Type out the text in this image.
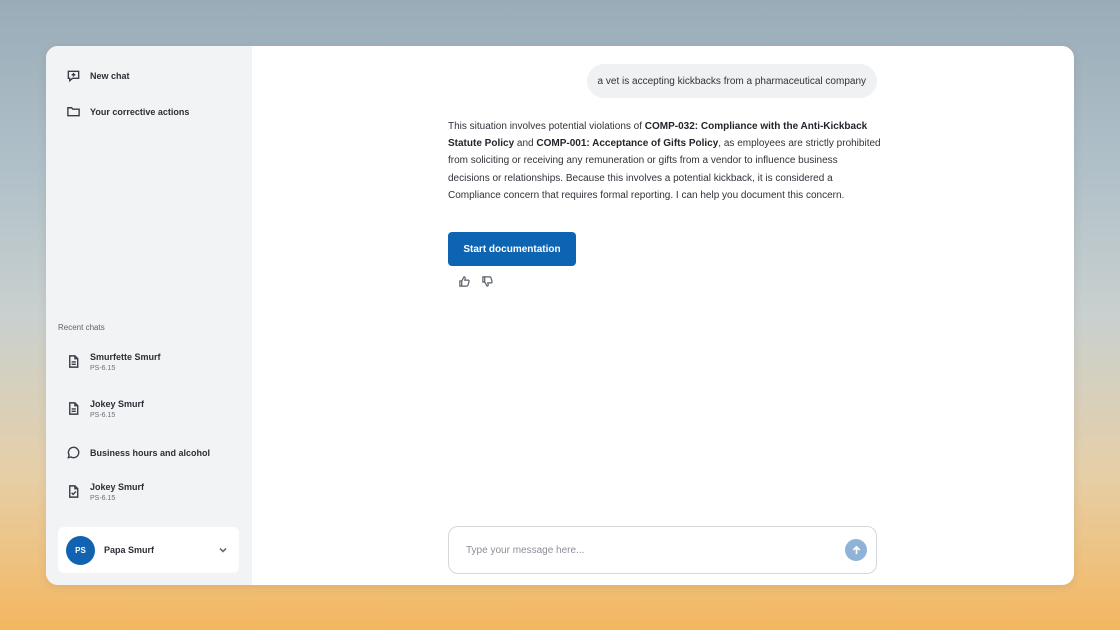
New chat
Your corrective actions
Recent chats
Smurfette Smurf
PS-6.15
Jokey Smurf
PS-6.15
Business hours and alcohol
Jokey Smurf
PS-6.15
PS	Papa Smurf
a vet is accepting kickbacks from a pharmaceutical company
This situation involves potential violations of COMP-032: Compliance with the Anti-Kickback Statute Policy and COMP-001: Acceptance of Gifts Policy, as employees are strictly prohibited from soliciting or receiving any remuneration or gifts from a vendor to influence business decisions or relationships. Because this involves a potential kickback, it is considered a Compliance concern that requires formal reporting. I can help you document this concern.
Start documentation
Type your message here...
